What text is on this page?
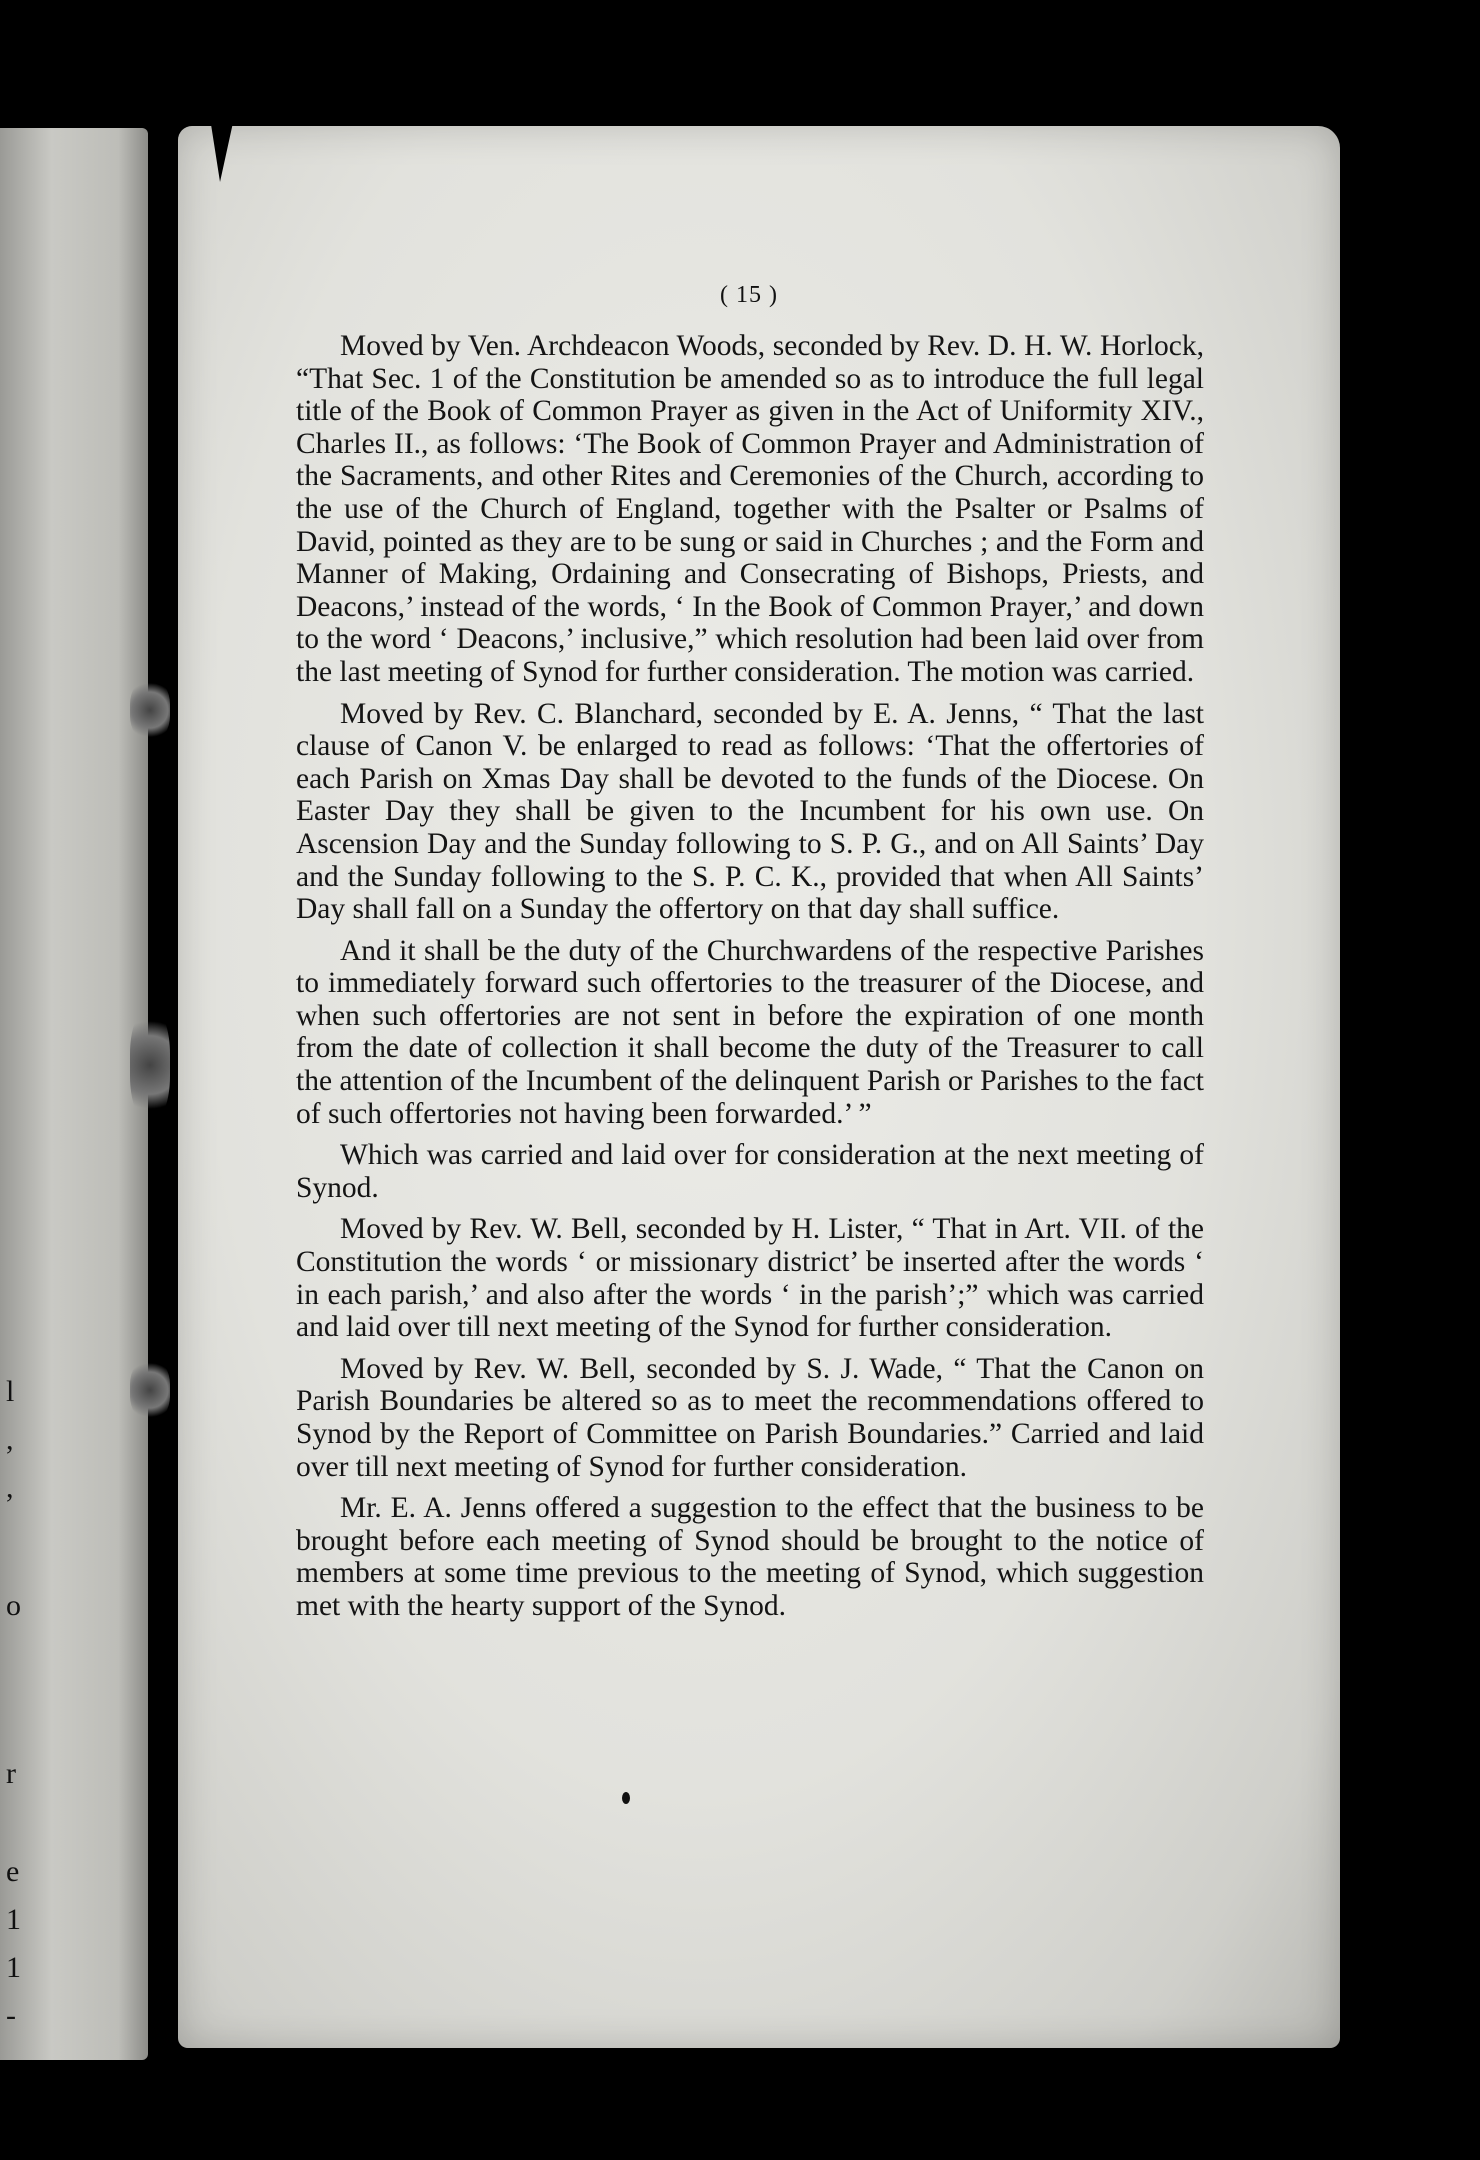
l
,
,
o
r
e
1
1
-
( 15 )

Moved by Ven. Archdeacon Woods, seconded by Rev. D. H. W. Horlock, “That Sec. 1 of the Constitution be amended so as to introduce the full legal title of the Book of Common Prayer as given in the Act of Uniformity XIV., Charles II., as follows: ‘The Book of Common Prayer and Administration of the Sacraments, and other Rites and Ceremonies of the Church, according to the use of the Church of England, together with the Psalter or Psalms of David, pointed as they are to be sung or said in Churches ; and the Form and Manner of Making, Ordaining and Consecrating of Bishops, Priests, and Deacons,’ instead of the words, ‘ In the Book of Common Prayer,’ and down to the word ‘ Deacons,’ inclusive,” which resolution had been laid over from the last meeting of Synod for further consideration. The motion was carried.

Moved by Rev. C. Blanchard, seconded by E. A. Jenns, “ That the last clause of Canon V. be enlarged to read as follows: ‘That the offertories of each Parish on Xmas Day shall be devoted to the funds of the Diocese. On Easter Day they shall be given to the Incumbent for his own use. On Ascension Day and the Sunday following to S. P. G., and on All Saints’ Day and the Sunday following to the S. P. C. K., provided that when All Saints’ Day shall fall on a Sunday the offertory on that day shall suffice.

And it shall be the duty of the Churchwardens of the respective Parishes to immediately forward such offertories to the treasurer of the Diocese, and when such offertories are not sent in before the expiration of one month from the date of collection it shall become the duty of the Treasurer to call the attention of the Incumbent of the delinquent Parish or Parishes to the fact of such offertories not having been forwarded.’ ”

Which was carried and laid over for consideration at the next meeting of Synod.

Moved by Rev. W. Bell, seconded by H. Lister, “ That in Art. VII. of the Constitution the words ‘ or missionary district’ be inserted after the words ‘ in each parish,’ and also after the words ‘ in the parish’;” which was carried and laid over till next meeting of the Synod for further consideration.

Moved by Rev. W. Bell, seconded by S. J. Wade, “ That the Canon on Parish Boundaries be altered so as to meet the recommendations offered to Synod by the Report of Committee on Parish Boundaries.” Carried and laid over till next meeting of Synod for further consideration.

Mr. E. A. Jenns offered a suggestion to the effect that the business to be brought before each meeting of Synod should be brought to the notice of members at some time previous to the meeting of Synod, which suggestion met with the hearty support of the Synod.
